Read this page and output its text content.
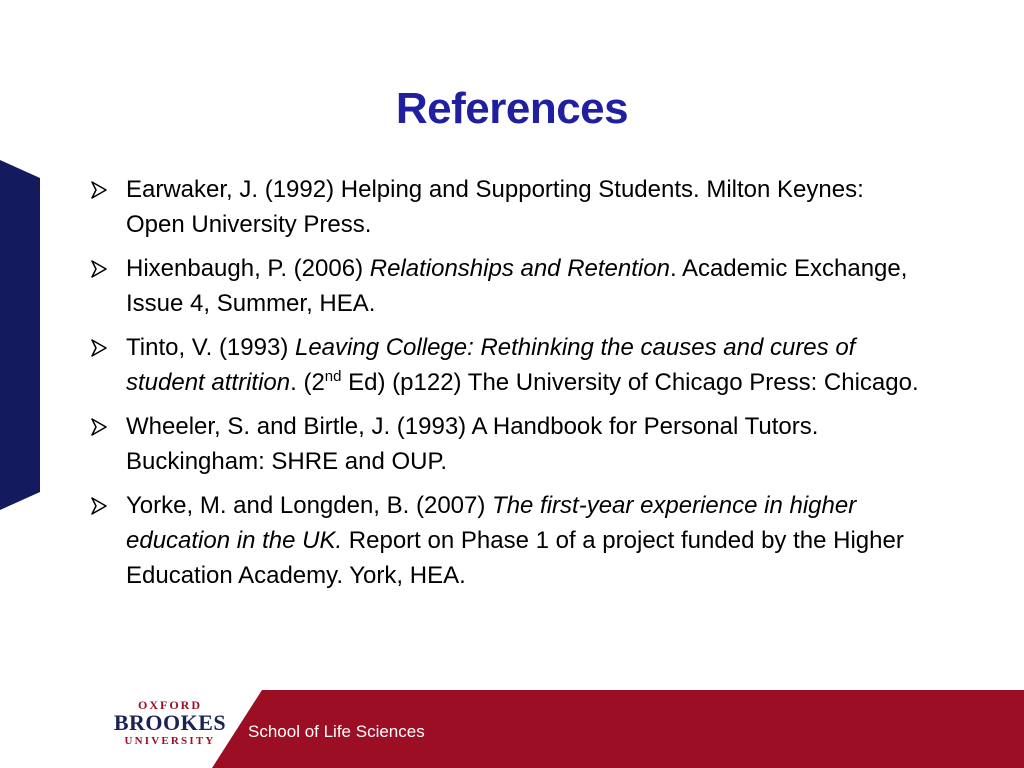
References
Earwaker, J. (1992) Helping and Supporting Students. Milton Keynes: Open University Press.
Hixenbaugh, P. (2006) Relationships and Retention. Academic Exchange, Issue 4, Summer, HEA.
Tinto, V. (1993) Leaving College: Rethinking the causes and cures of student attrition. (2nd Ed) (p122) The University of Chicago Press: Chicago.
Wheeler, S. and Birtle, J. (1993) A Handbook for Personal Tutors. Buckingham: SHRE and OUP.
Yorke, M. and Longden, B. (2007) The first-year experience in higher education in the UK. Report on Phase 1 of a project funded by the Higher Education Academy. York, HEA.
OXFORD
BROOKES
UNIVERSITY	School of Life Sciences
